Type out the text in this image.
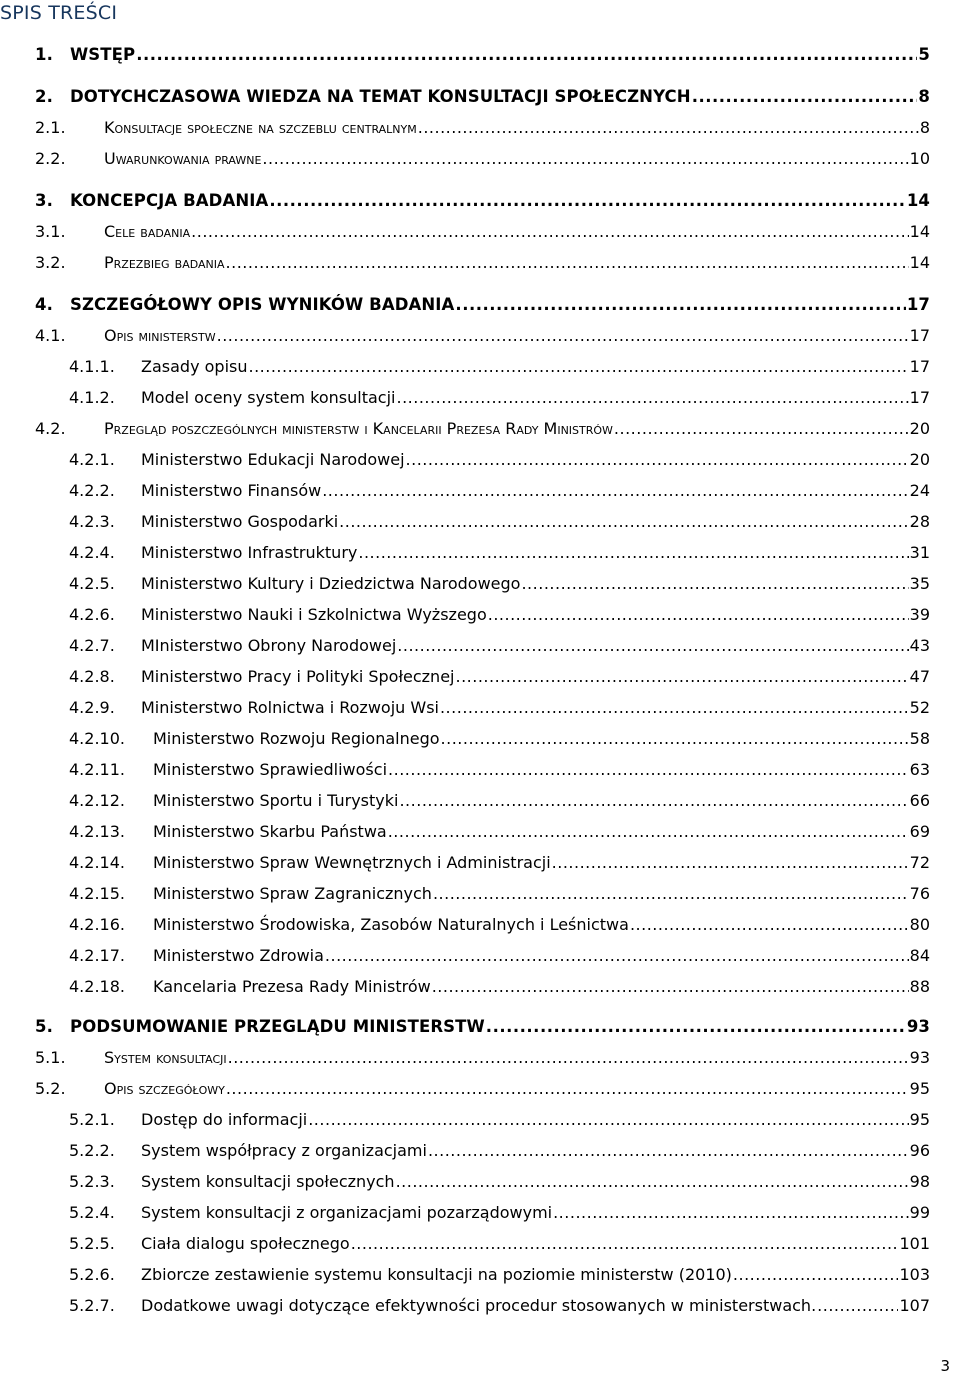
SPIS TREŚCI
1.	WSTĘP .....	5
2.	DOTYCHCZASOWA WIEDZA NA TEMAT KONSULTACJI SPOŁECZNYCH .....	8
2.1.	Konsultacje społeczne na szczeblu centralnym .....	8
2.2.	Uwarunkowania prawne .....	10
3.	KONCEPCJA BADANIA .....	14
3.1.	Cele badania .....	14
3.2.	Przezbieg badania .....	14
4.	SZCZEGÓŁOWY OPIS WYNIKÓW BADANIA .....	17
4.1.	Opis ministerstw .....	17
4.1.1.	Zasady opisu .....	17
4.1.2.	Model oceny system konsultacji .....	17
4.2.	Przegląd poszczególnych ministerstw i Kancelarii Prezesa Rady Ministrów .....	20
4.2.1.	Ministerstwo Edukacji Narodowej .....	20
4.2.2.	Ministerstwo Finansów .....	24
4.2.3.	Ministerstwo Gospodarki .....	28
4.2.4.	Ministerstwo Infrastruktury .....	31
4.2.5.	Ministerstwo Kultury i Dziedzictwa Narodowego .....	35
4.2.6.	Ministerstwo Nauki i Szkolnictwa Wyższego .....	39
4.2.7.	MInisterstwo Obrony Narodowej .....	43
4.2.8.	Ministerstwo Pracy i Polityki Społecznej .....	47
4.2.9.	Ministerstwo Rolnictwa i Rozwoju Wsi .....	52
4.2.10.	Ministerstwo Rozwoju Regionalnego .....	58
4.2.11.	Ministerstwo Sprawiedliwości .....	63
4.2.12.	Ministerstwo Sportu i Turystyki .....	66
4.2.13.	Ministerstwo Skarbu Państwa .....	69
4.2.14.	Ministerstwo Spraw Wewnętrznych i Administracji .....	72
4.2.15.	Ministerstwo Spraw Zagranicznych .....	76
4.2.16.	Ministerstwo Środowiska, Zasobów Naturalnych i Leśnictwa .....	80
4.2.17.	Ministerstwo Zdrowia .....	84
4.2.18.	Kancelaria Prezesa Rady Ministrów .....	88
5.	PODSUMOWANIE PRZEGLĄDU MINISTERSTW .....	93
5.1.	System konsultacji .....	93
5.2.	Opis szczegółowy .....	95
5.2.1.	Dostęp do informacji .....	95
5.2.2.	System współpracy z organizacjami .....	96
5.2.3.	System konsultacji społecznych .....	98
5.2.4.	System konsultacji z organizacjami pozarządowymi .....	99
5.2.5.	Ciała dialogu społecznego .....	101
5.2.6.	Zbiorcze zestawienie systemu konsultacji na poziomie ministerstw (2010) .....	103
5.2.7.	Dodatkowe uwagi dotyczące efektywności procedur stosowanych w ministerstwach. .....	107

3
